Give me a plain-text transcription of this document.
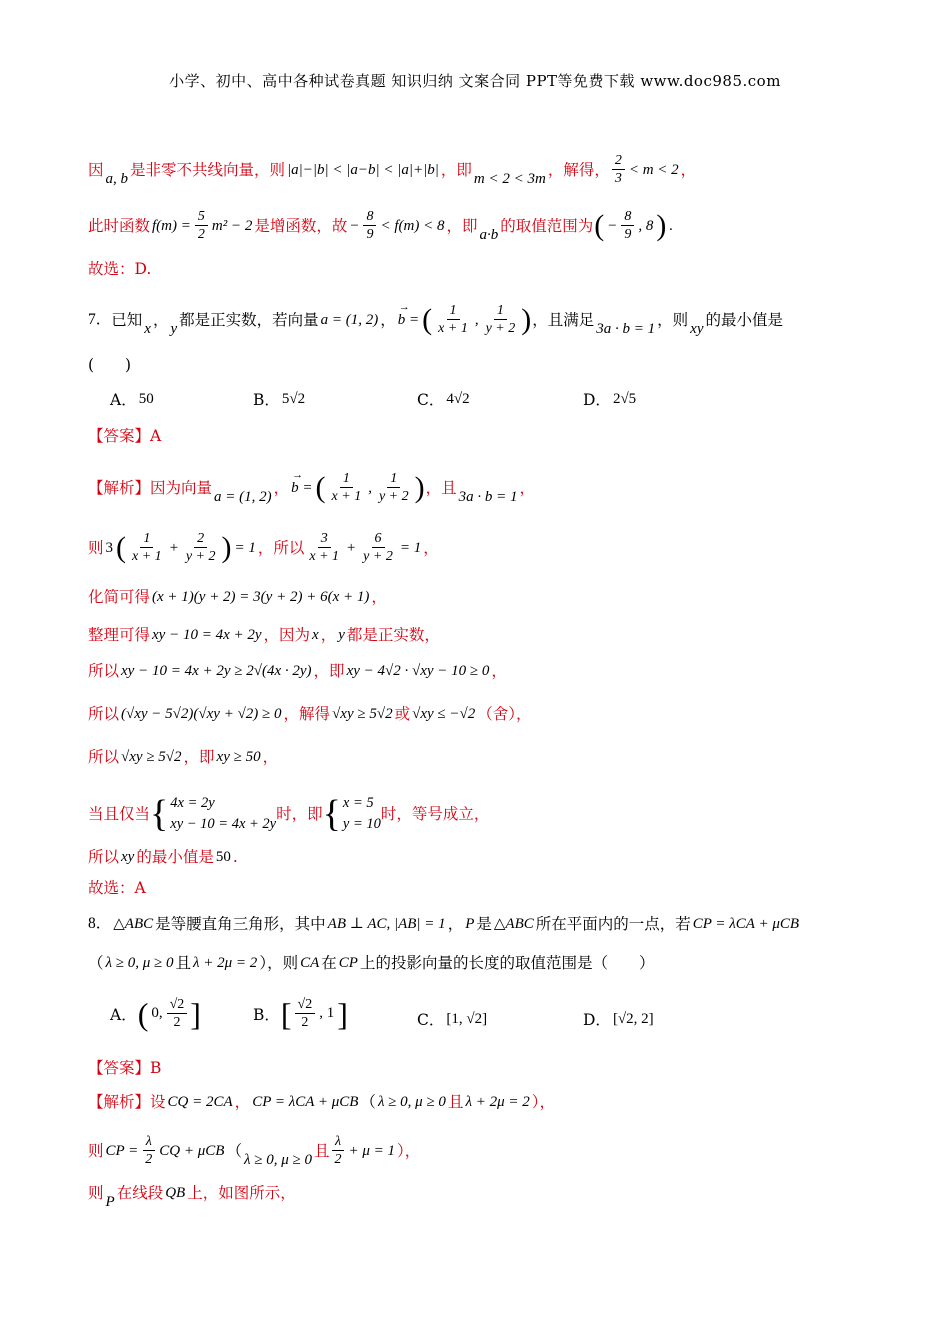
小学、初中、高中各种试卷真题 知识归纳 文案合同 PPT等免费下载 www.doc985.com
因 a, b 是非零不共线向量，则 |a|−|b| < |a−b| < |a|+|b| ，即 m < 2 < 3m ，解得， $\frac{2}{3} < m < 2$ ，
此时函数 $f(m) = \frac{5}{2} m^2 - 2$ 是增函数，故 − $\frac{8}{9} < f(m) < 8$ ，即 a·b 的取值范围为 ( − $\frac{8}{9}$ , 8 ) .
故选：D.
7． 已知 x ， y 都是正实数，若向量 a = (1, 2) ， → b = ( $\frac{1}{x + 1}$ , $\frac{1}{y + 2}$ ) ，且满足 3a · b = 1 ，则 xy 的最小值是
(　　)
A． 50	B． 5√2	C． 4√2	D． 2√5
【答案】A
【解析】 因为向量 a = (1, 2) ， → b = ( $\frac{1}{x + 1}$ , $\frac{1}{y + 2}$ ) ，且 3a · b = 1 ，
则 3 ( $\frac{1}{x + 1} + \frac{2}{y + 2}$ ) = 1 ，所以 $\frac{3}{x + 1} + \frac{6}{y + 2} = 1$ ，
化简可得 (x + 1)(y + 2) = 3(y + 2) + 6(x + 1) ，
整理可得 xy − 10 = 4x + 2y ，因为 x ， y 都是正实数，
所以 xy − 10 = 4x + 2y ≥ 2√(4x · 2y) ，即 xy − 4√2 · √xy − 10 ≥ 0 ，
所以 (√xy − 5√2)(√xy + √2) ≥ 0 ，解得 √xy ≥ 5√2 或 √xy ≤ −√2 （舍），
所以 √xy ≥ 5√2 ，即 xy ≥ 50 ，
当且仅当 { 4x = 2y
xy − 10 = 4x + 2y
时，即 { x = 5
y = 10
时，等号成立，
所以 xy 的最小值是 50 .
故选：A
8． △ABC 是等腰直角三角形，其中 AB ⊥ AC, |AB| = 1 ， P 是 △ABC 所在平面内的一点，若 CP = λCA + μCB
（ λ ≥ 0, μ ≥ 0 且 λ + 2μ = 2 ），则 CA 在 CP 上的投影向量的长度的取值范围是（　　）
A． ( 0, $\frac{√2}{2}$ ]	B． [ $\frac{√2}{2}$ , 1 ]	C． [1, √2]	D． [√2, 2]
【答案】B
【解析】 设 CQ = 2CA ， CP = λCA + μCB （ λ ≥ 0, μ ≥ 0 且 λ + 2μ = 2 ），
则 CP = $\frac{\lambda}{2}$ CQ + μCB （ λ ≥ 0, μ ≥ 0 且 $\frac{\lambda}{2} + \mu = 1$ ），
则 P 在线段 QB 上，如图所示，
